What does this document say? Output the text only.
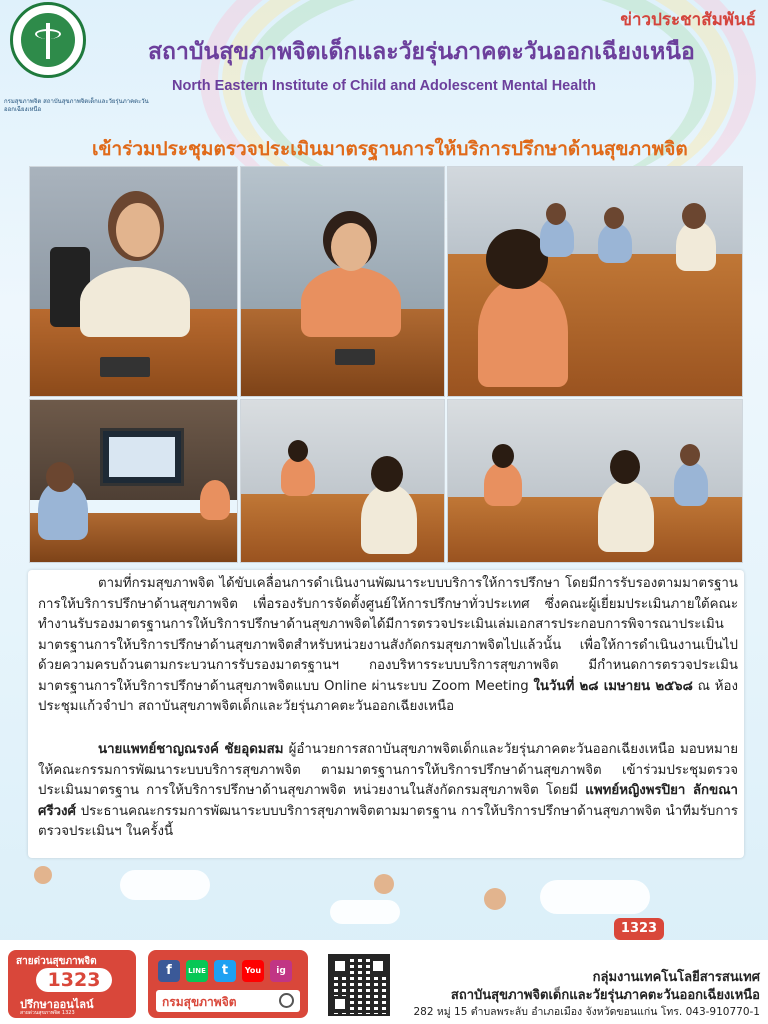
กรมสุขภาพจิต สถาบันสุขภาพจิตเด็กและวัยรุ่นภาคตะวันออกเฉียงเหนือ
ข่าวประชาสัมพันธ์
สถาบันสุขภาพจิตเด็กและวัยรุ่นภาคตะวันออกเฉียงเหนือ
North Eastern Institute of Child and Adolescent Mental Health
เข้าร่วมประชุมตรวจประเมินมาตรฐานการให้บริการปรึกษาด้านสุขภาพจิต

ตามที่กรมสุขภาพจิต ได้ขับเคลื่อนการดำเนินงานพัฒนาระบบบริการให้การปรึกษา โดยมีการรับรองตามมาตรฐานการให้บริการปรึกษาด้านสุขภาพจิต เพื่อรองรับการจัดตั้งศูนย์ให้การปรึกษาทั่วประเทศ ซึ่งคณะผู้เยี่ยมประเมินภายใต้คณะทำงานรับรองมาตรฐานการให้บริการปรึกษาด้านสุขภาพจิตได้มีการตรวจประเมินเล่มเอกสารประกอบการพิจารณาประเมินมาตรฐานการให้บริการปรึกษาด้านสุขภาพจิตสำหรับหน่วยงานสังกัดกรมสุขภาพจิตไปแล้วนั้น เพื่อให้การดำเนินงานเป็นไปด้วยความครบถ้วนตามกระบวนการรับรองมาตรฐานฯ กองบริหารระบบบริการสุขภาพจิต มีกำหนดการตรวจประเมินมาตรฐานการให้บริการปรึกษาด้านสุขภาพจิตแบบ Online ผ่านระบบ Zoom Meeting ในวันที่ ๒๘ เมษายน ๒๕๖๘ ณ ห้องประชุมแก้วจำปา สถาบันสุขภาพจิตเด็กและวัยรุ่นภาคตะวันออกเฉียงเหนือ

นายแพทย์ชาญณรงค์ ชัยอุดมสม ผู้อำนวยการสถาบันสุขภาพจิตเด็กและวัยรุ่นภาคตะวันออกเฉียงเหนือ มอบหมายให้คณะกรรมการพัฒนาระบบบริการสุขภาพจิต ตามมาตรฐานการให้บริการปรึกษาด้านสุขภาพจิต เข้าร่วมประชุมตรวจประเมินมาตรฐาน การให้บริการปรึกษาด้านสุขภาพจิต หน่วยงานในสังกัดกรมสุขภาพจิต โดยมี แพทย์หญิงพรปิยา ลักขณาศรีวงศ์ ประธานคณะกรรมการพัฒนาระบบบริการสุขภาพจิตตามมาตรฐาน การให้บริการปรึกษาด้านสุขภาพจิต นำทีมรับการตรวจประเมินฯ ในครั้งนี้

1323
สายด่วนสุขภาพจิต
1323
ปรึกษาออนไลน์
สายด่วนสุขภาพจิต 1323
f	LINE	t	You	ig
กรมสุขภาพจิต
กลุ่มงานเทคโนโลยีสารสนเทศ
สถาบันสุขภาพจิตเด็กและวัยรุ่นภาคตะวันออกเฉียงเหนือ
282 หมู่ 15 ตำบลพระลับ อำเภอเมือง จังหวัดขอนแก่น โทร. 043-910770-1
